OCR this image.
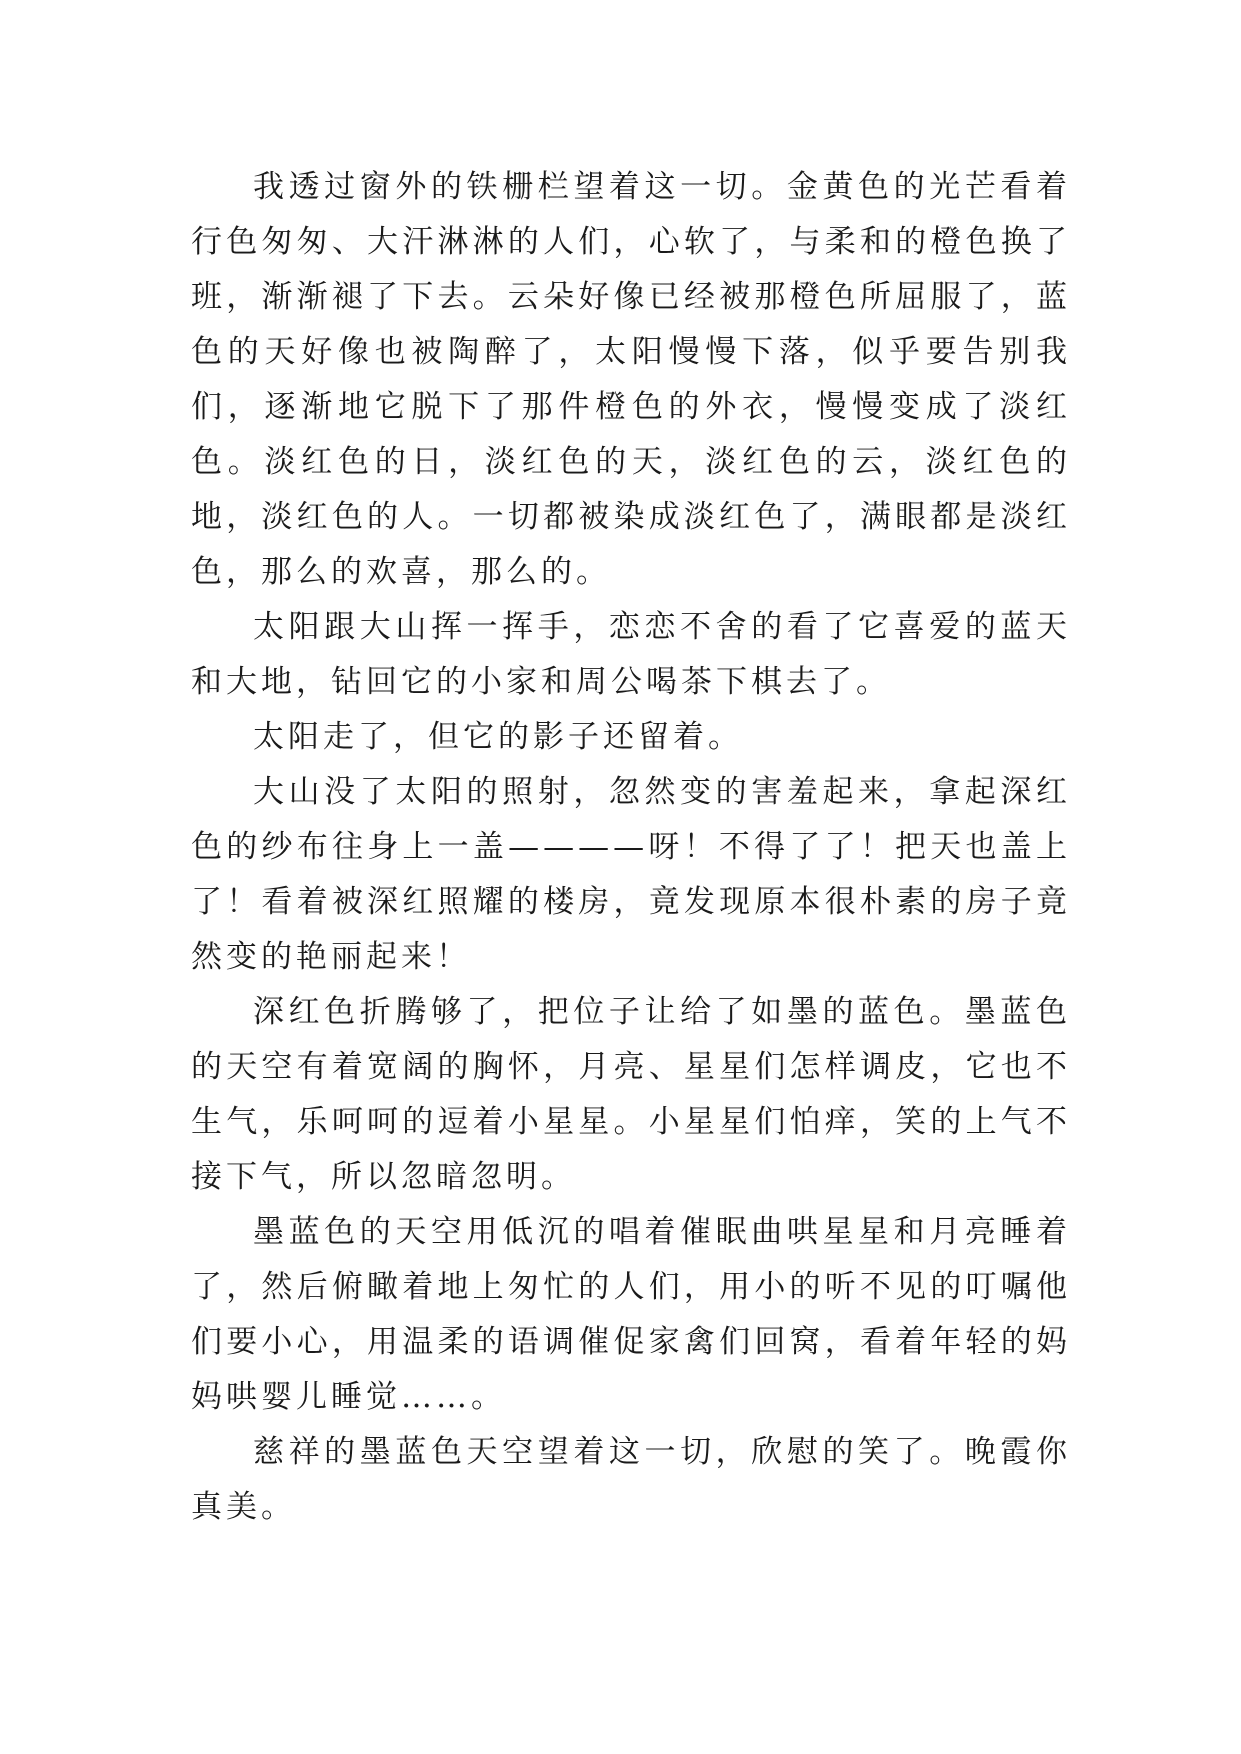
我透过窗外的铁栅栏望着这一切。金黄色的光芒看着行色匆匆、大汗淋淋的人们，心软了，与柔和的橙色换了班，渐渐褪了下去。云朵好像已经被那橙色所屈服了，蓝色的天好像也被陶醉了，太阳慢慢下落，似乎要告别我们，逐渐地它脱下了那件橙色的外衣，慢慢变成了淡红色。淡红色的日，淡红色的天，淡红色的云，淡红色的地，淡红色的人。一切都被染成淡红色了，满眼都是淡红色，那么的欢喜，那么的。

太阳跟大山挥一挥手，恋恋不舍的看了它喜爱的蓝天和大地，钻回它的小家和周公喝茶下棋去了。

太阳走了，但它的影子还留着。

大山没了太阳的照射，忽然变的害羞起来，拿起深红色的纱布往身上一盖————呀！不得了了！把天也盖上了！看着被深红照耀的楼房，竟发现原本很朴素的房子竟然变的艳丽起来！

深红色折腾够了，把位子让给了如墨的蓝色。墨蓝色的天空有着宽阔的胸怀，月亮、星星们怎样调皮，它也不生气，乐呵呵的逗着小星星。小星星们怕痒，笑的上气不接下气，所以忽暗忽明。

墨蓝色的天空用低沉的唱着催眠曲哄星星和月亮睡着了，然后俯瞰着地上匆忙的人们，用小的听不见的叮嘱他们要小心，用温柔的语调催促家禽们回窝，看着年轻的妈妈哄婴儿睡觉……。

慈祥的墨蓝色天空望着这一切，欣慰的笑了。晚霞你真美。
